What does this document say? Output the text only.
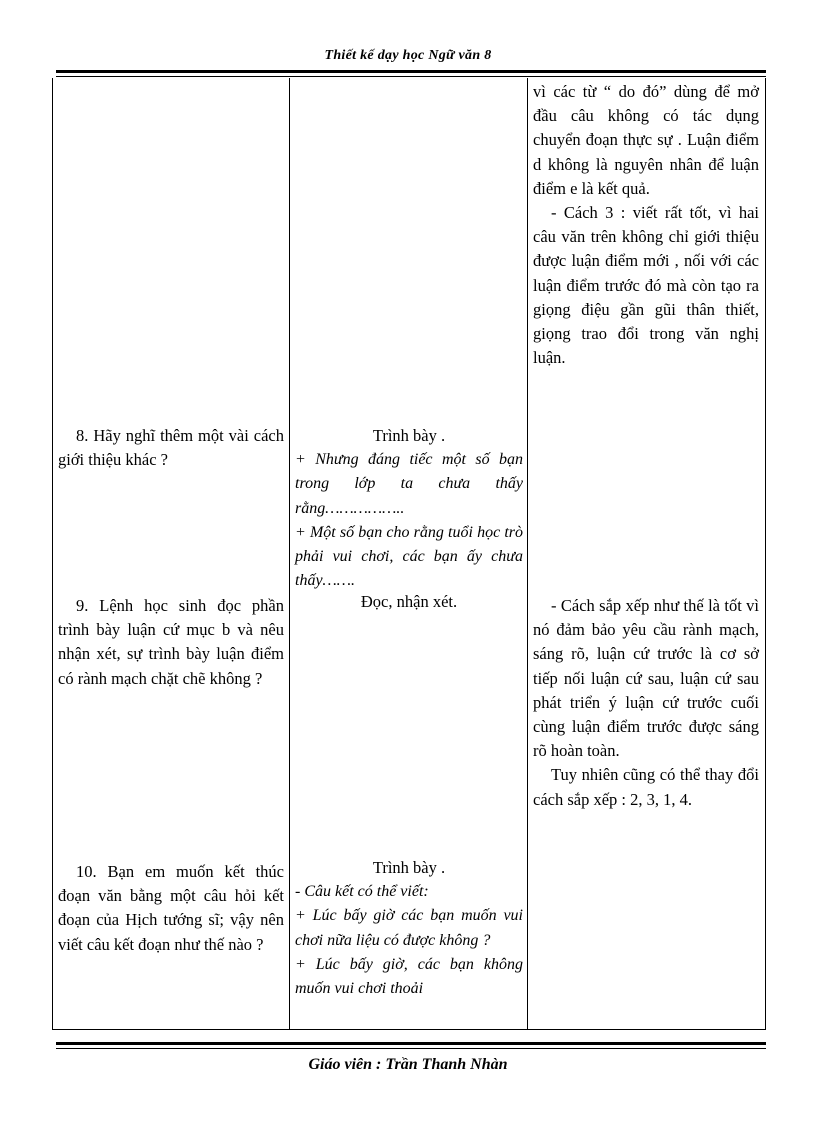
Thiết kế dạy học Ngữ văn 8

vì các từ “ do đó” dùng để mở đầu câu không có tác dụng chuyển đoạn thực sự . Luận điểm d không là nguyên nhân để luận điểm e là kết quả.

- Cách 3 : viết rất tốt, vì hai câu văn trên không chỉ giới thiệu được luận điểm mới , nối với các luận điểm trước đó mà còn tạo ra giọng điệu gần gũi thân thiết, giọng trao đổi trong văn nghị luận.

8. Hãy nghĩ thêm một vài cách giới thiệu khác ?

Trình bày .

+ Nhưng đáng tiếc một số bạn trong lớp ta chưa thấy rằng……………..

+ Một số bạn cho rằng tuổi học trò phải vui chơi, các bạn ấy chưa thấy…….

9. Lệnh học sinh đọc phần trình bày luận cứ mục b và nêu nhận xét, sự trình bày luận điểm có rành mạch chặt chẽ không ?
Đọc, nhận xét.	- Cách sắp xếp như thế là tốt vì nó đảm bảo yêu cầu rành mạch, sáng rõ, luận cứ trước là cơ sở tiếp nối luận cứ sau, luận cứ sau phát triển ý luận cứ trước cuối cùng luận điểm trước được sáng rõ hoàn toàn.

Tuy nhiên cũng có thể thay đổi cách sắp xếp : 2, 3, 1, 4.

10. Bạn em muốn kết thúc đoạn văn bằng một câu hỏi kết đoạn của Hịch tướng sĩ; vậy nên viết câu kết đoạn như thế nào ?

Trình bày .

- Câu kết có thể viết:

+ Lúc bấy giờ các bạn muốn vui chơi nữa liệu có được không ?

+ Lúc bấy giờ, các bạn không muốn vui chơi thoải

Giáo viên : Trần Thanh Nhàn
